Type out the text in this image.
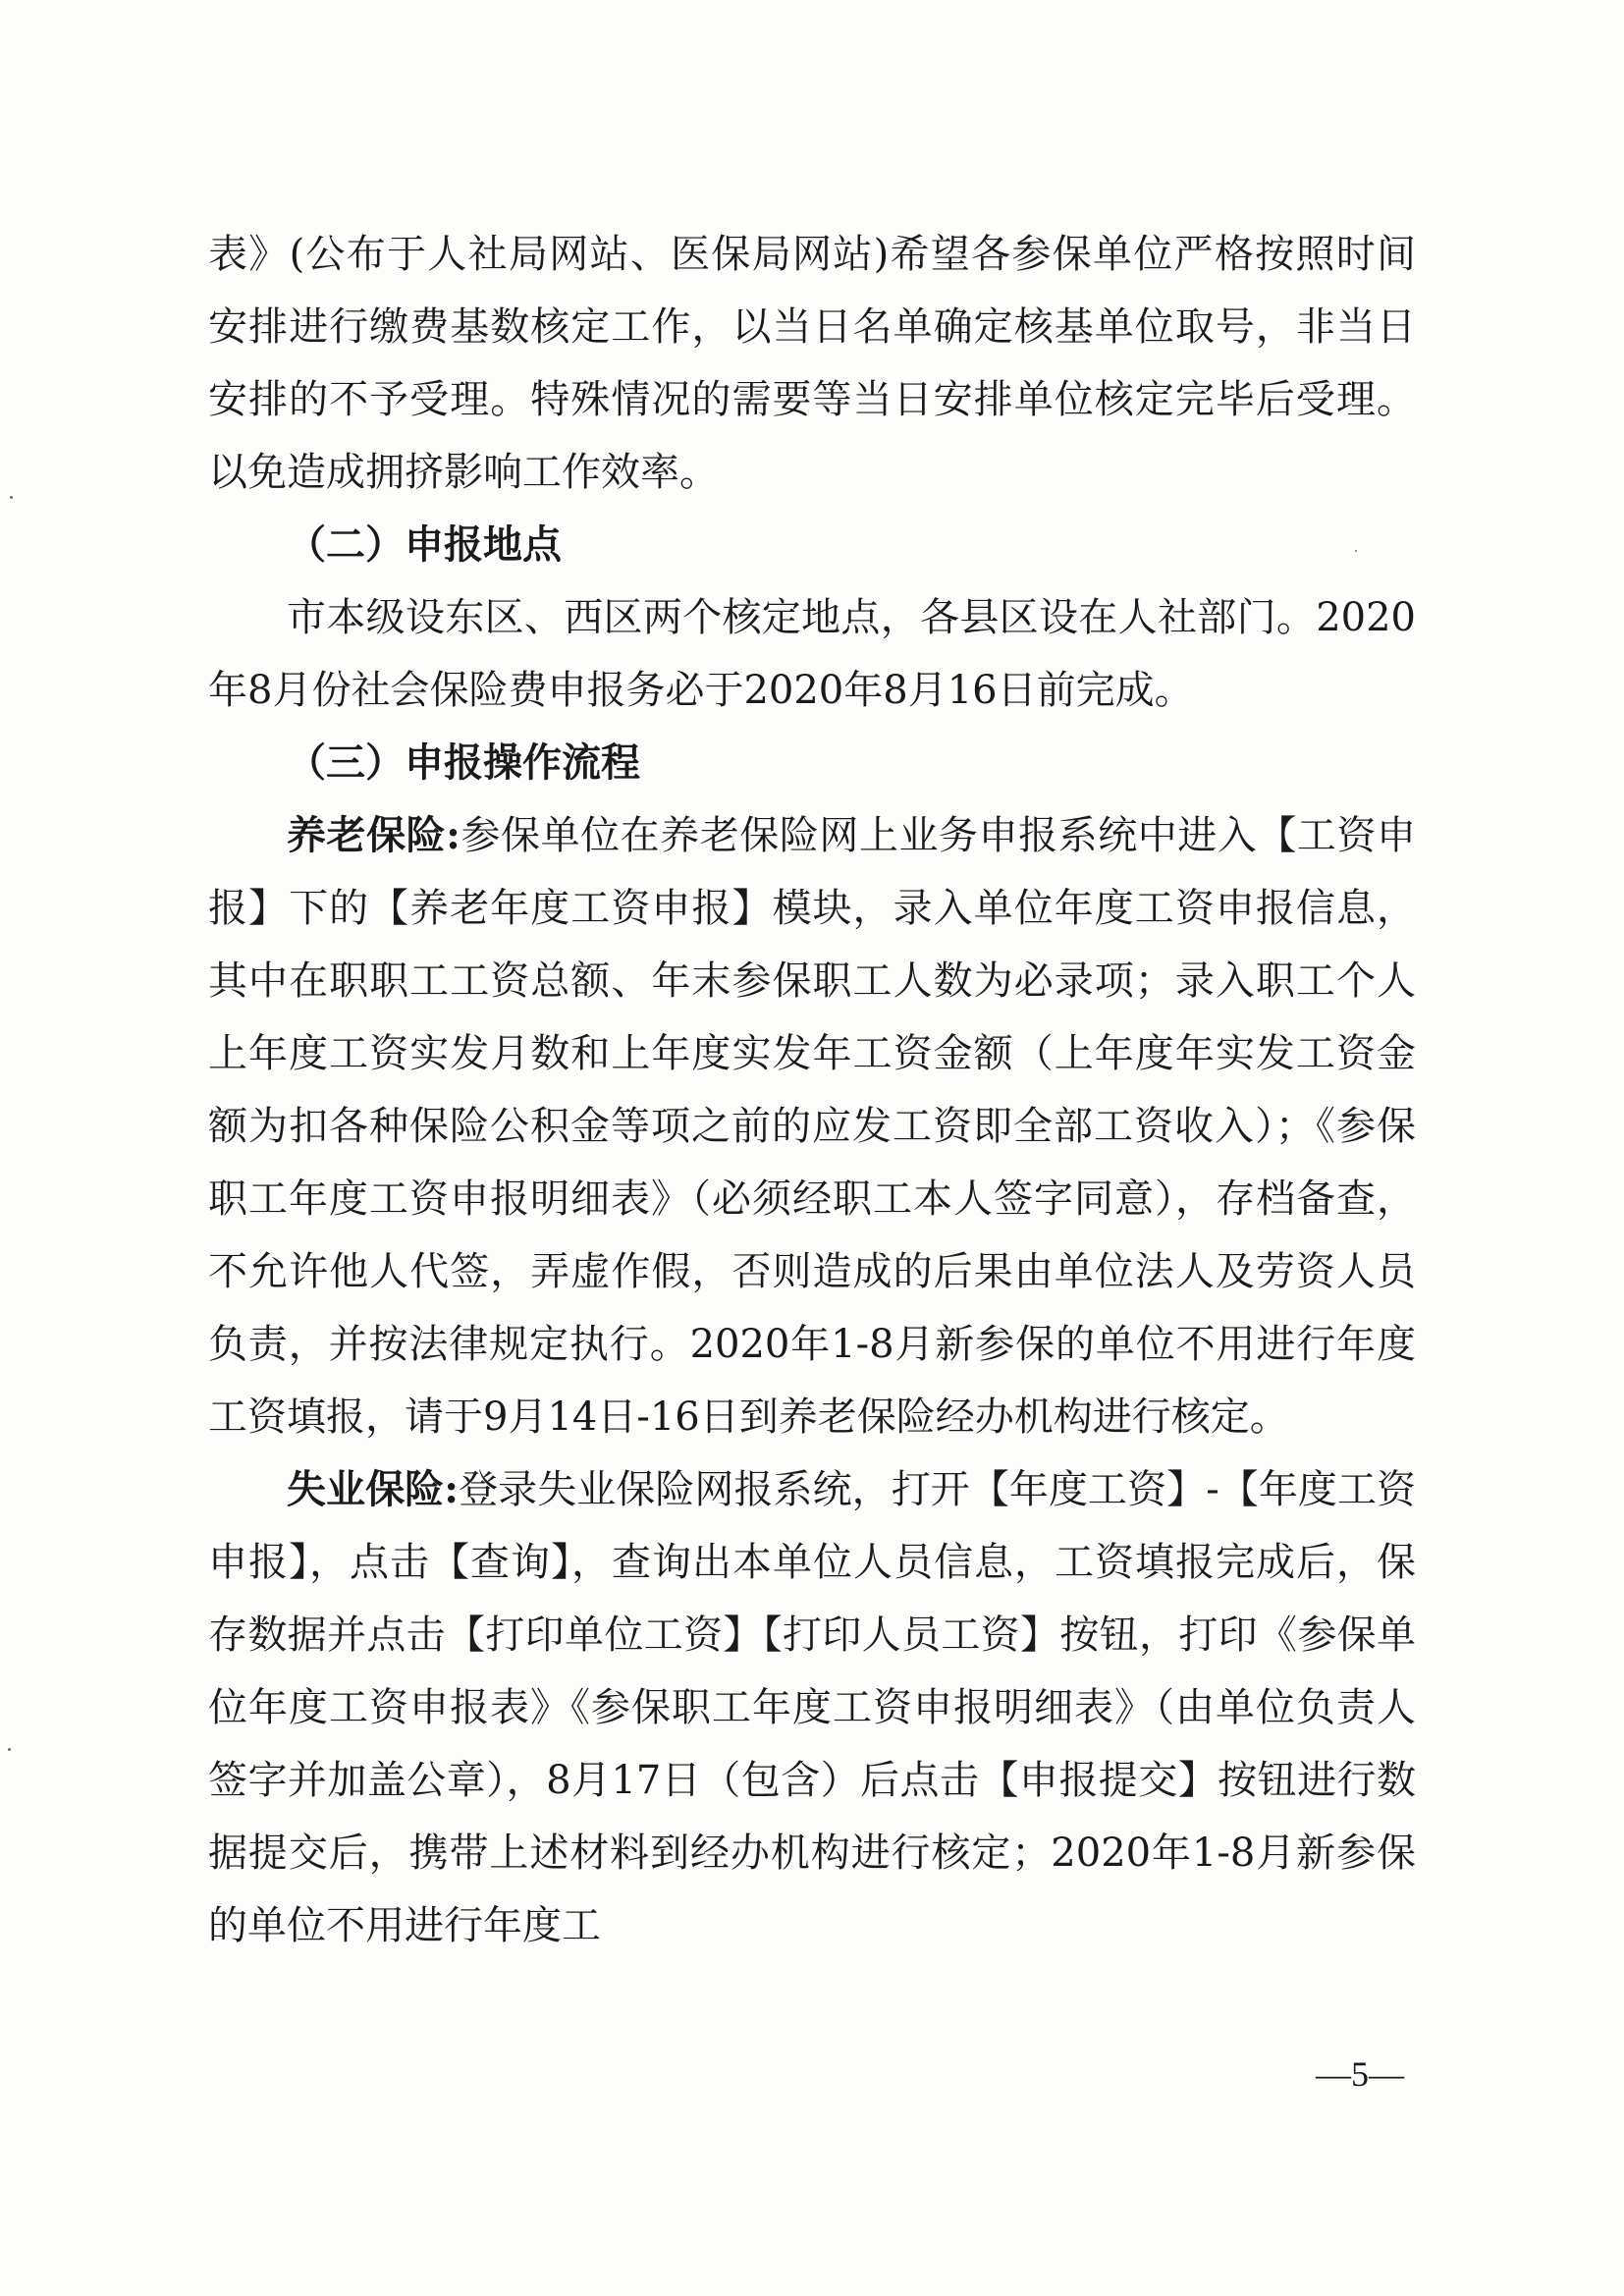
表》(公布于人社局网站、医保局网站)希望各参保单位严格按照时间安排进行缴费基数核定工作，以当日名单确定核基单位取号，非当日安排的不予受理。特殊情况的需要等当日安排单位核定完毕后受理。以免造成拥挤影响工作效率。

（二）申报地点

市本级设东区、西区两个核定地点，各县区设在人社部门。2020年8月份社会保险费申报务必于2020年8月16日前完成。

（三）申报操作流程

养老保险:参保单位在养老保险网上业务申报系统中进入【工资申报】下的【养老年度工资申报】模块，录入单位年度工资申报信息，其中在职职工工资总额、年末参保职工人数为必录项；录入职工个人上年度工资实发月数和上年度实发年工资金额（上年度年实发工资金额为扣各种保险公积金等项之前的应发工资即全部工资收入）；《参保职工年度工资申报明细表》（必须经职工本人签字同意），存档备查，不允许他人代签，弄虚作假，否则造成的后果由单位法人及劳资人员负责，并按法律规定执行。2020年1-8月新参保的单位不用进行年度工资填报，请于9月14日-16日到养老保险经办机构进行核定。

失业保险:登录失业保险网报系统，打开【年度工资】-【年度工资申报】，点击【查询】，查询出本单位人员信息，工资填报完成后，保存数据并点击【打印单位工资】【打印人员工资】按钮，打印《参保单位年度工资申报表》《参保职工年度工资申报明细表》（由单位负责人签字并加盖公章），8月17日（包含）后点击【申报提交】按钮进行数据提交后，携带上述材料到经办机构进行核定；2020年1-8月新参保的单位不用进行年度工

—5—
